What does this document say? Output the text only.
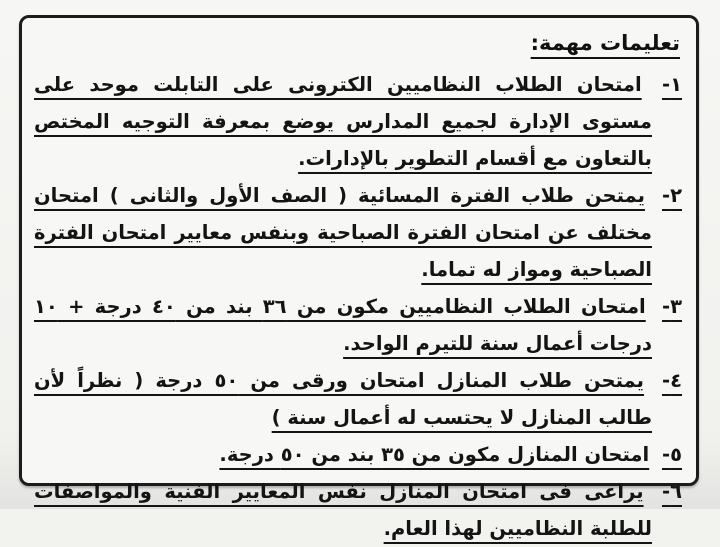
تعليمات مهمة:

١- امتحان الطلاب النظاميين الكترونى على التابلت موحد على مستوى الإدارة لجميع المدارس يوضع بمعرفة التوجيه المختص بالتعاون مع أقسام التطوير بالإدارات.

٢- يمتحن طلاب الفترة المسائية ( الصف الأول والثانى ) امتحان مختلف عن امتحان الفترة الصباحية وبنفس معايير امتحان الفترة الصباحية ومواز له تماما.

٣- امتحان الطلاب النظاميين مكون من ٣٦ بند من ٤٠ درجة + ١٠ درجات أعمال سنة للتيرم الواحد.

٤- يمتحن طلاب المنازل امتحان ورقى من ٥٠ درجة ( نظراً لأن طالب المنازل لا يحتسب له أعمال سنة )

٥- امتحان المنازل مكون من ٣٥ بند من ٥٠ درجة.

٦- يراعى فى امتحان المنازل نفس المعايير الفنية والمواصفات للطلبة النظاميين لهذا العام.
